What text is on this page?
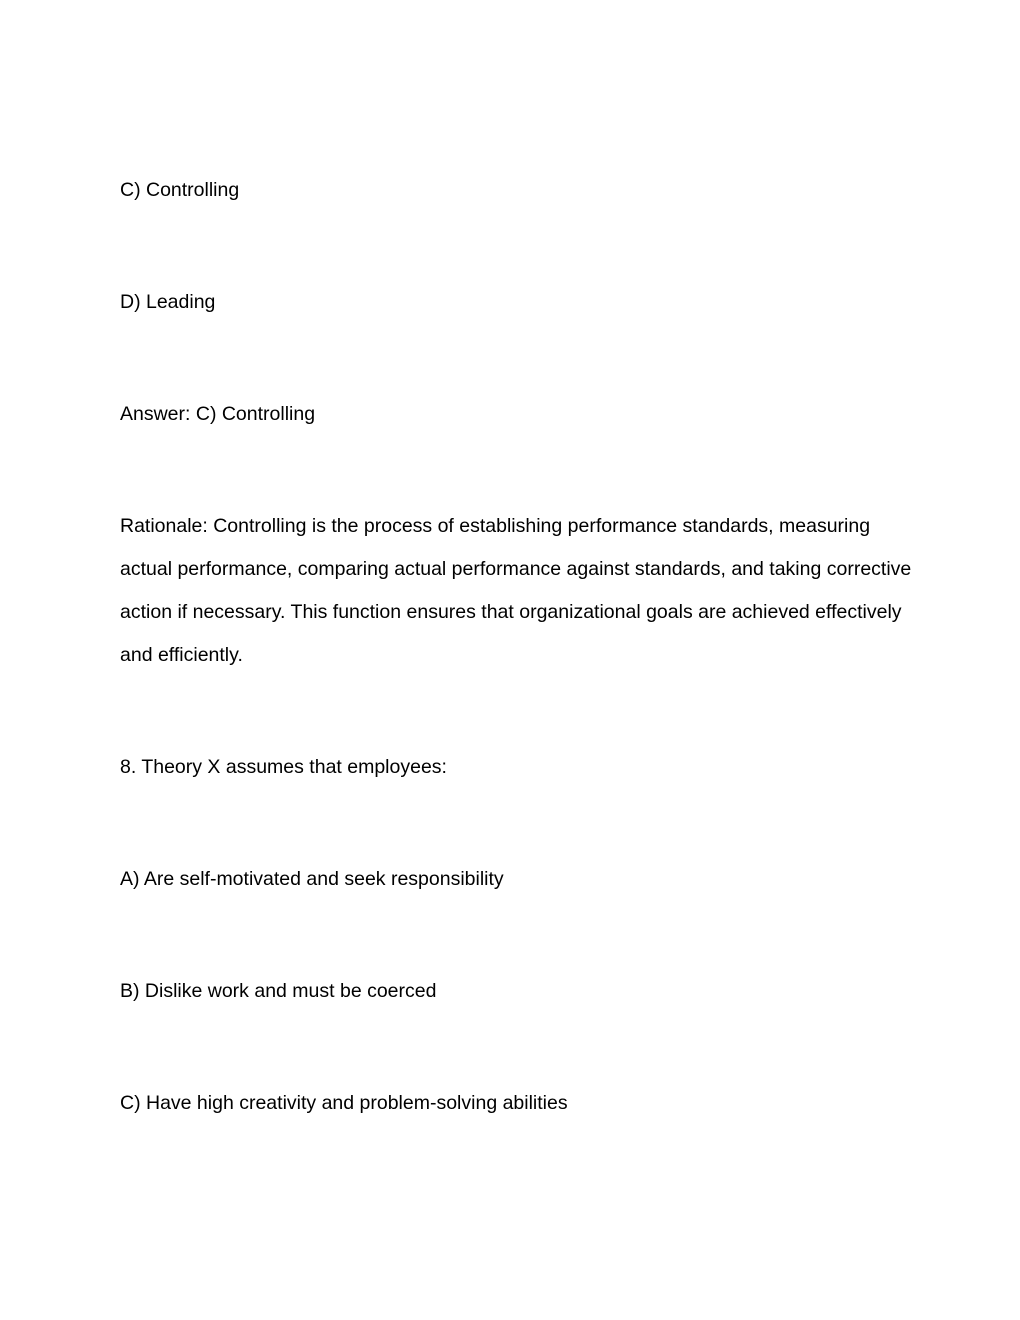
C) Controlling
D) Leading
Answer: C) Controlling
Rationale: Controlling is the process of establishing performance standards, measuring actual performance, comparing actual performance against standards, and taking corrective action if necessary. This function ensures that organizational goals are achieved effectively and efficiently.
8. Theory X assumes that employees:
A) Are self-motivated and seek responsibility
B) Dislike work and must be coerced
C) Have high creativity and problem-solving abilities
